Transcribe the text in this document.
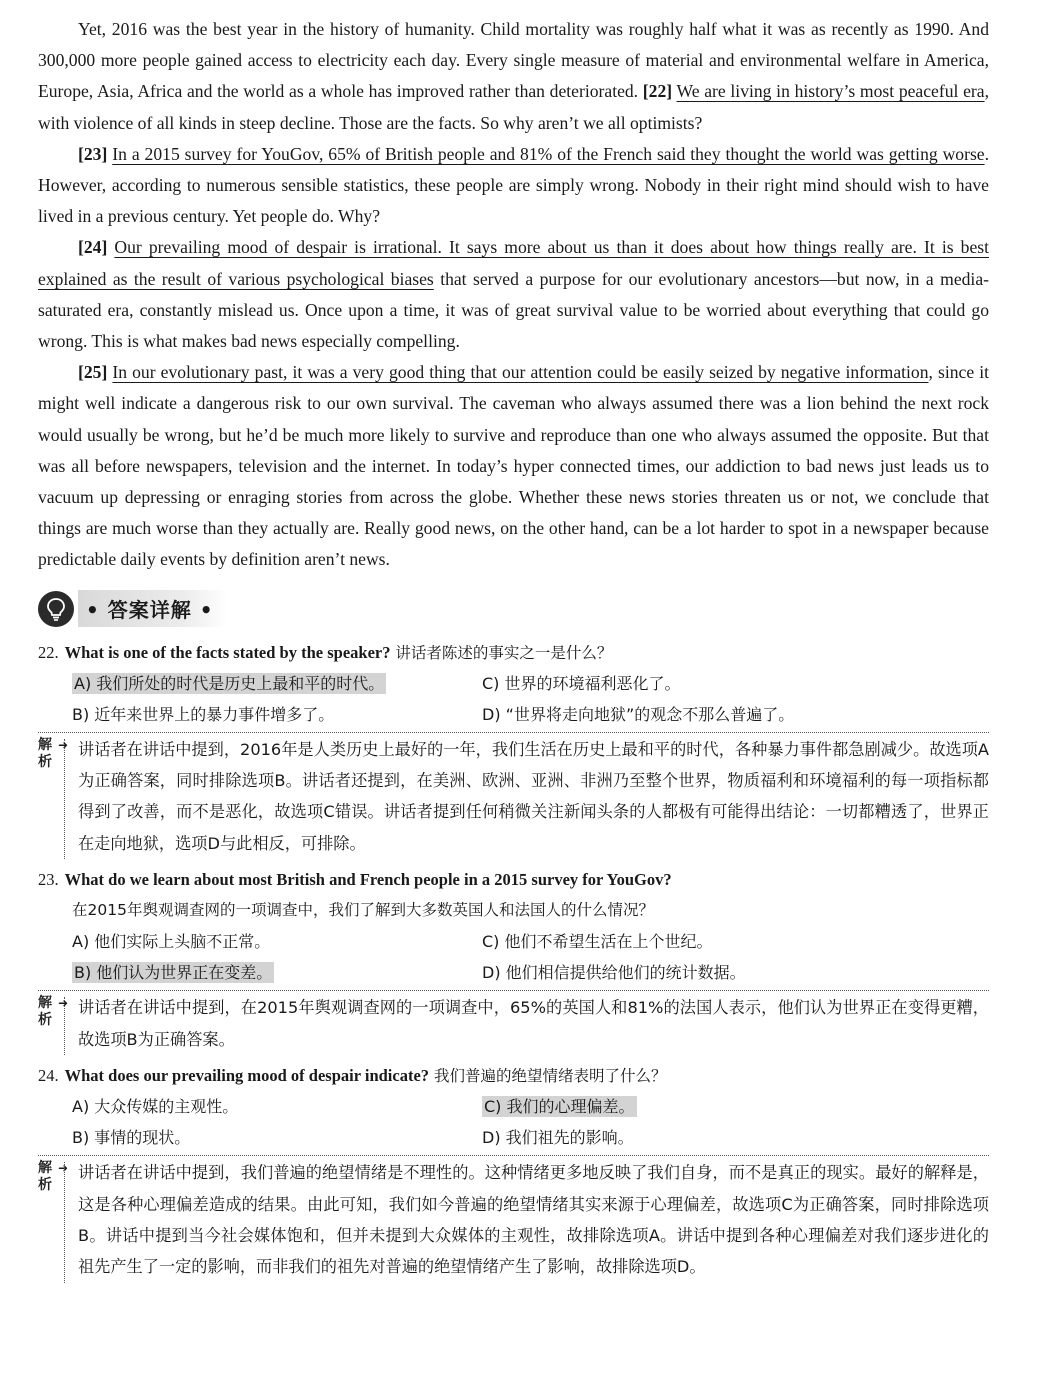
Yet, 2016 was the best year in the history of humanity. Child mortality was roughly half what it was as recently as 1990. And 300,000 more people gained access to electricity each day. Every single measure of material and environmental welfare in America, Europe, Asia, Africa and the world as a whole has improved rather than deteriorated. [22] We are living in history’s most peaceful era, with violence of all kinds in steep decline. Those are the facts. So why aren’t we all optimists?

[23] In a 2015 survey for YouGov, 65% of British people and 81% of the French said they thought the world was getting worse. However, according to numerous sensible statistics, these people are simply wrong. Nobody in their right mind should wish to have lived in a previous century. Yet people do. Why?

[24] Our prevailing mood of despair is irrational. It says more about us than it does about how things really are. It is best explained as the result of various psychological biases that served a purpose for our evolutionary ancestors—but now, in a media-saturated era, constantly mislead us. Once upon a time, it was of great survival value to be worried about everything that could go wrong. This is what makes bad news especially compelling.

[25] In our evolutionary past, it was a very good thing that our attention could be easily seized by negative information, since it might well indicate a dangerous risk to our own survival. The caveman who always assumed there was a lion behind the next rock would usually be wrong, but he’d be much more likely to survive and reproduce than one who always assumed the opposite. But that was all before newspapers, television and the internet. In today’s hyper connected times, our addiction to bad news just leads us to vacuum up depressing or enraging stories from across the globe. Whether these news stories threaten us or not, we conclude that things are much worse than they actually are. Really good news, on the other hand, can be a lot harder to spot in a newspaper because predictable daily events by definition aren’t news.

• 答案详解 •
22. What is one of the facts stated by the speaker? 讲话者陈述的事实之一是什么？
A) 我们所处的时代是历史上最和平的时代。	C) 世界的环境福利恶化了。
B) 近年来世界上的暴力事件增多了。	D) “世界将走向地狱”的观念不那么普遍了。
解
析
➜ 讲话者在讲话中提到，2016年是人类历史上最好的一年，我们生活在历史上最和平的时代，各种暴力事件都急剧减少。故选项A为正确答案，同时排除选项B。讲话者还提到，在美洲、欧洲、亚洲、非洲乃至整个世界，物质福利和环境福利的每一项指标都得到了改善，而不是恶化，故选项C错误。讲话者提到任何稍微关注新闻头条的人都极有可能得出结论：一切都糟透了，世界正在走向地狱，选项D与此相反，可排除。

23. What do we learn about most British and French people in a 2015 survey for YouGov?
在2015年舆观调查网的一项调查中，我们了解到大多数英国人和法国人的什么情况？
A) 他们实际上头脑不正常。	C) 他们不希望生活在上个世纪。
B) 他们认为世界正在变差。	D) 他们相信提供给他们的统计数据。
解
析
➜ 讲话者在讲话中提到，在2015年舆观调查网的一项调查中，65%的英国人和81%的法国人表示，他们认为世界正在变得更糟，故选项B为正确答案。

24. What does our prevailing mood of despair indicate? 我们普遍的绝望情绪表明了什么？
A) 大众传媒的主观性。	C) 我们的心理偏差。
B) 事情的现状。	D) 我们祖先的影响。
解
析
➜ 讲话者在讲话中提到，我们普遍的绝望情绪是不理性的。这种情绪更多地反映了我们自身，而不是真正的现实。最好的解释是，这是各种心理偏差造成的结果。由此可知，我们如今普遍的绝望情绪其实来源于心理偏差，故选项C为正确答案，同时排除选项B。讲话中提到当今社会媒体饱和，但并未提到大众媒体的主观性，故排除选项A。讲话中提到各种心理偏差对我们逐步进化的祖先产生了一定的影响，而非我们的祖先对普遍的绝望情绪产生了影响，故排除选项D。
